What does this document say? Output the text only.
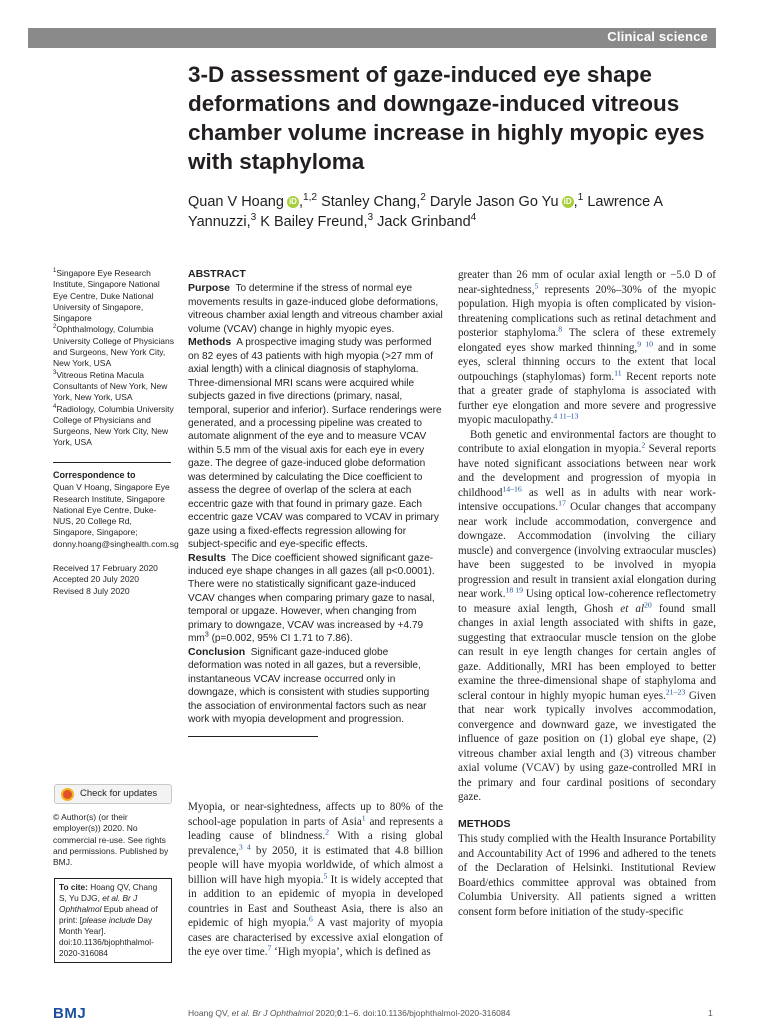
Clinical science
3-D assessment of gaze-induced eye shape deformations and downgaze-induced vitreous chamber volume increase in highly myopic eyes with staphyloma
Quan V Hoang iD ,$^{1,2}$ Stanley Chang,$^2$ Daryle Jason Go Yu iD ,$^1$ Lawrence A Yannuzzi,$^3$ K Bailey Freund,$^3$ Jack Grinband$^4$
$^1$Singapore Eye Research Institute, Singapore National Eye Centre, Duke National University of Singapore, Singapore
$^2$Ophthalmology, Columbia University College of Physicians and Surgeons, New York City, New York, USA
$^3$Vitreous Retina Macula Consultants of New York, New York, New York, USA
$^4$Radiology, Columbia University College of Physicians and Surgeons, New York City, New York, USA
Correspondence to
Quan V Hoang, Singapore Eye Research Institute, Singapore National Eye Centre, Duke-NUS, 20 College Rd, Singapore, Singapore; donny.hoang@singhealth.com.sg
Received 17 February 2020
Accepted 20 July 2020
Revised 8 July 2020
Check for updates
© Author(s) (or their employer(s)) 2020. No commercial re-use. See rights and permissions. Published by BMJ.
To cite: Hoang QV, Chang S, Yu DJG, et al. Br J Ophthalmol Epub ahead of print: [please include Day Month Year]. doi:10.1136/bjophthalmol-2020-316084
ABSTRACT
Purpose To determine if the stress of normal eye movements results in gaze-induced globe deformations, vitreous chamber axial length and vitreous chamber axial volume (VCAV) change in highly myopic eyes.
Methods A prospective imaging study was performed on 82 eyes of 43 patients with high myopia (>27 mm of axial length) with a clinical diagnosis of staphyloma. Three-dimensional MRI scans were acquired while subjects gazed in five directions (primary, nasal, temporal, superior and inferior). Surface renderings were generated, and a processing pipeline was created to automate alignment of the eye and to measure VCAV within 5.5 mm of the visual axis for each eye in every gaze. The degree of gaze-induced globe deformation was determined by calculating the Dice coefficient to assess the degree of overlap of the sclera at each eccentric gaze with that found in primary gaze. Each eccentric gaze VCAV was compared to VCAV in primary gaze using a fixed-effects regression allowing for subject-specific and eye-specific effects.
Results The Dice coefficient showed significant gaze-induced eye shape changes in all gazes (all p<0.0001). There were no statistically significant gaze-induced VCAV changes when comparing primary gaze to nasal, temporal or upgaze. However, when changing from primary to downgaze, VCAV was increased by +4.79 $mm^3$ (p=0.002, 95% CI 1.71 to 7.86).
Conclusion Significant gaze-induced globe deformation was noted in all gazes, but a reversible, instantaneous VCAV increase occurred only in downgaze, which is consistent with studies supporting the association of environmental factors such as near work with myopia development and progression.
Myopia, or near-sightedness, affects up to 80% of the school-age population in parts of Asia$^1$ and represents a leading cause of blindness.$^2$ With a rising global prevalence,$^{3 4}$ by 2050, it is estimated that 4.8 billion people will have myopia worldwide, of which almost a billion will have high myopia.$^5$ It is widely accepted that in addition to an epidemic of myopia in developed countries in East and Southeast Asia, there is also an epidemic of high myopia.$^6$ A vast majority of myopia cases are characterised by excessive axial elongation of the eye over time.$^7$ ‘High myopia’, which is defined as
greater than 26 mm of ocular axial length or −5.0 D of near-sightedness,$^5$ represents 20%–30% of the myopic population. High myopia is often complicated by vision-threatening complications such as retinal detachment and posterior staphyloma.$^8$ The sclera of these extremely elongated eyes show marked thinning,$^{9 10}$ and in some eyes, scleral thinning occurs to the extent that local outpouchings (staphylomas) form.$^{11}$ Recent reports note that a greater grade of staphyloma is associated with further eye elongation and more severe and progressive myopic maculopathy.$^{4 11-13}$
Both genetic and environmental factors are thought to contribute to axial elongation in myopia.$^2$ Several reports have noted significant associations between near work and the development and progression of myopia in childhood$^{14-16}$ as well as in adults with near work-intensive occupations.$^{17}$ Ocular changes that accompany near work include accommodation, convergence and downgaze. Accommodation (involving the ciliary muscle) and convergence (involving extraocular muscles) have been suggested to be involved in myopia progression and result in transient axial elongation during near work.$^{18 19}$ Using optical low-coherence reflectometry to measure axial length, Ghosh et al$^{20}$ found small changes in axial length associated with shifts in gaze, suggesting that extraocular muscle tension on the globe can result in eye length changes for certain angles of gaze. Additionally, MRI has been employed to better examine the three-dimensional shape of staphyloma and scleral contour in highly myopic human eyes.$^{21-23}$ Given that near work typically involves accommodation, convergence and downward gaze, we investigated the influence of gaze position on (1) global eye shape, (2) vitreous chamber axial length and (3) vitreous chamber axial volume (VCAV) by using gaze-controlled MRI in the primary and four cardinal positions of secondary gaze.
METHODS
This study complied with the Health Insurance Portability and Accountability Act of 1996 and adhered to the tenets of the Declaration of Helsinki. Institutional Review Board/ethics committee approval was obtained from Columbia University. All patients signed a written consent form before initiation of the study-specific
BMJ	Hoang QV, et al. Br J Ophthalmol 2020;0:1–6. doi:10.1136/bjophthalmol-2020-316084	1
